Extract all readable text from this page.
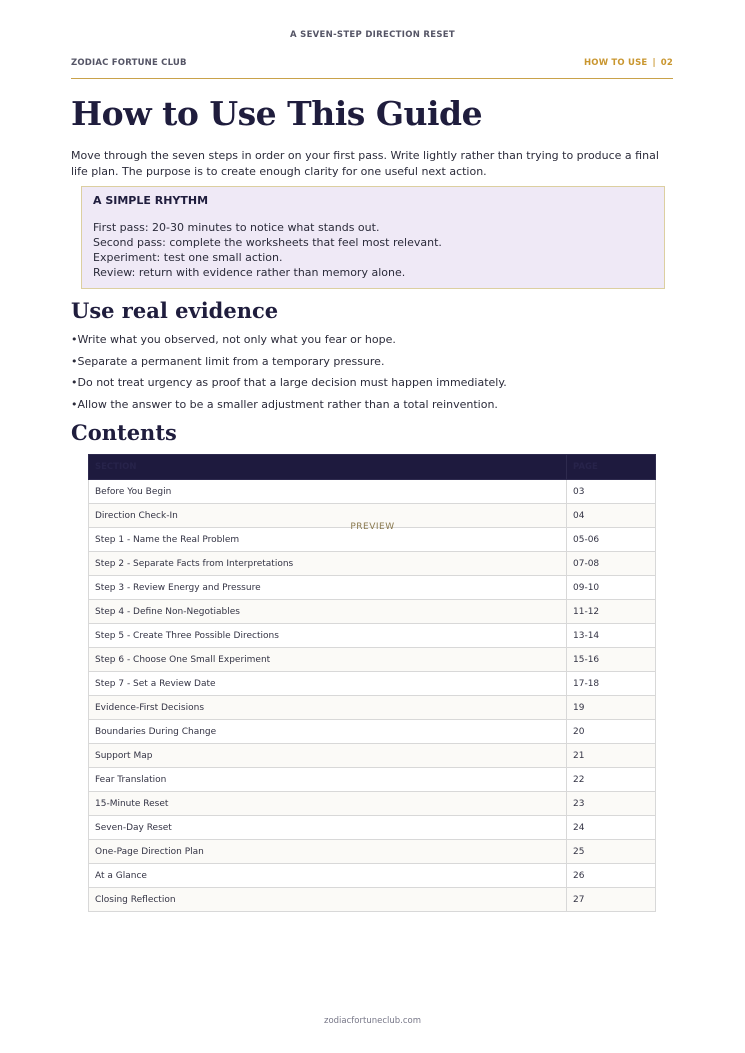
A SEVEN-STEP DIRECTION RESET
ZODIAC FORTUNE CLUB	HOW TO USE | 02
How to Use This Guide

Move through the seven steps in order on your first pass. Write lightly rather than trying to produce a final life plan. The purpose is to create enough clarity for one useful next action.

A SIMPLE RHYTHM
First pass: 20-30 minutes to notice what stands out.
Second pass: complete the worksheets that feel most relevant.
Experiment: test one small action.
Review: return with evidence rather than memory alone.
Use real evidence
• Write what you observed, not only what you fear or hope.
• Separate a permanent limit from a temporary pressure.
• Do not treat urgency as proof that a large decision must happen immediately.
• Allow the answer to be a smaller adjustment rather than a total reinvention.
Contents
SECTION	PAGE
Before You Begin	03
Direction Check-In	04
Step 1 - Name the Real Problem	05-06
Step 2 - Separate Facts from Interpretations	07-08
Step 3 - Review Energy and Pressure	09-10
Step 4 - Define Non-Negotiables	11-12
Step 5 - Create Three Possible Directions	13-14
Step 6 - Choose One Small Experiment	15-16
Step 7 - Set a Review Date	17-18
Evidence-First Decisions	19
Boundaries During Change	20
Support Map	21
Fear Translation	22
15-Minute Reset	23
Seven-Day Reset	24
One-Page Direction Plan	25
At a Glance	26
Closing Reflection	27
PREVIEW
zodiacfortuneclub.com
